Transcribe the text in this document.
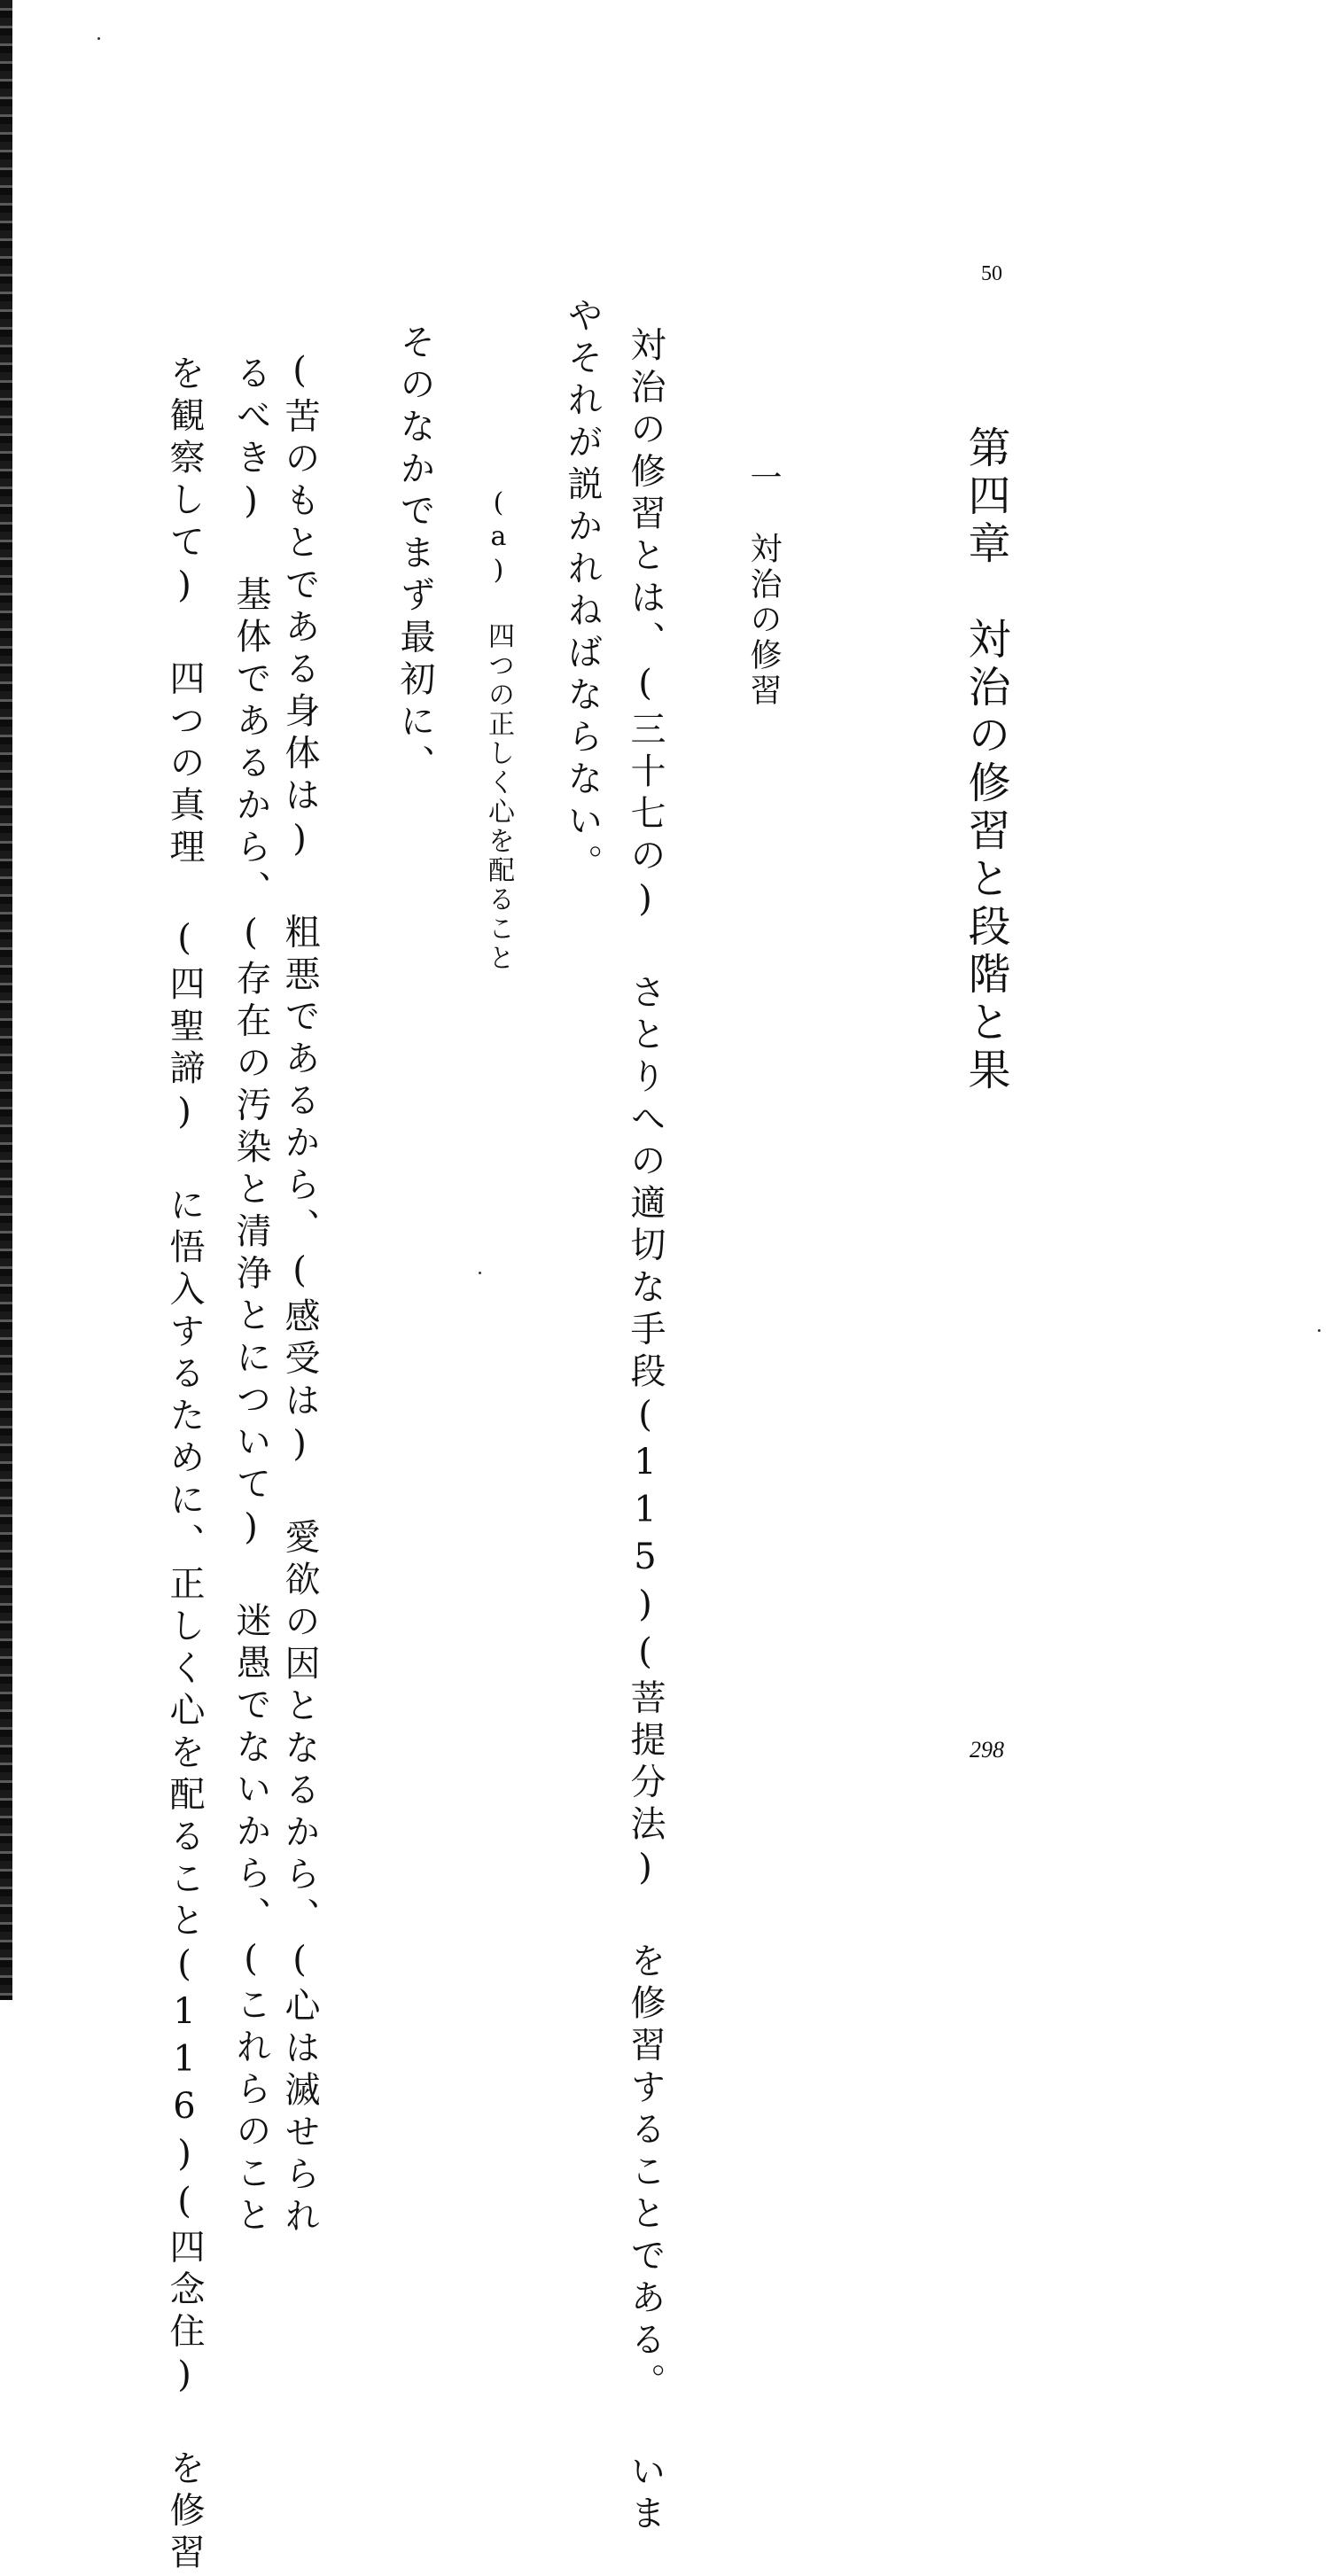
50
第四章　対治の修習と段階と果
一　対治の修習
対治の修習とは、(三十七の) さとりへの適切な手段(115)(菩提分法) を修習することである。 いま
やそれが説かれねばならない。
(a) 四つの正しく心を配ること
そのなかでまず最初に、
(苦のもとである身体は) 粗悪であるから、(感受は) 愛欲の因となるから、(心は滅せられ
るべき) 基体であるから、(存在の汚染と清浄とについて) 迷愚でないから、(これらのこと
を観察して) 四つの真理 (四聖諦) に悟入するために、正しく心を配ること(116)(四念住) を修習	298
